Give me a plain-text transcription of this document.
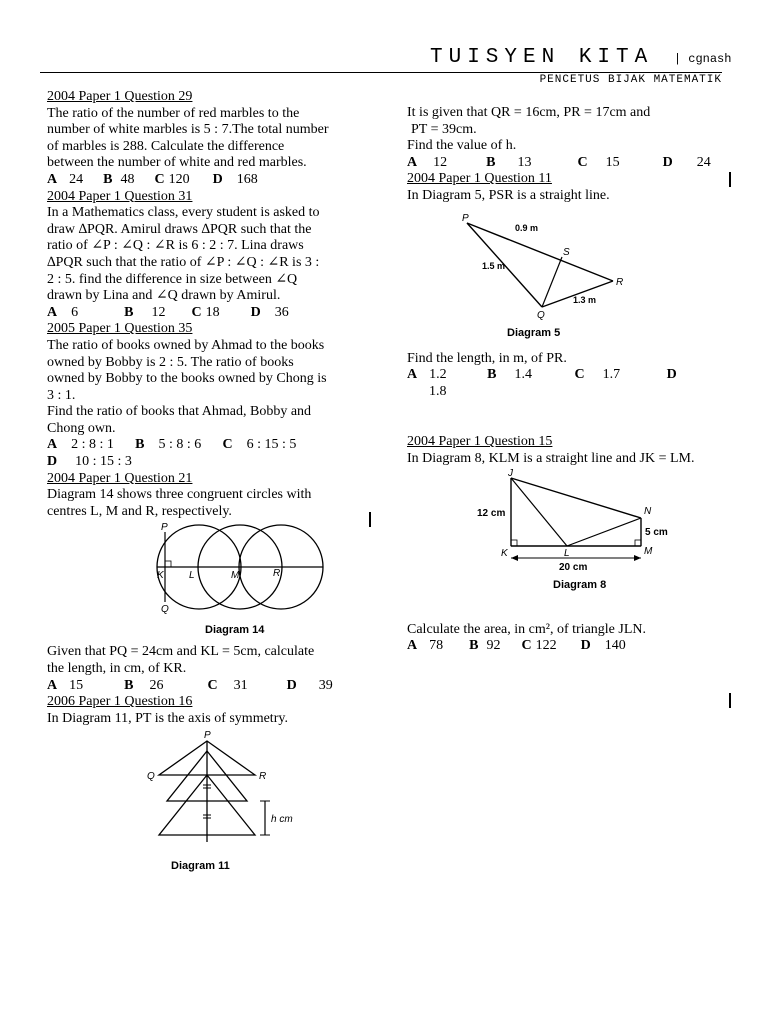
TUISYEN KITA | cgnash
PENCETUS BIJAK MATEMATIK

2004 Paper 1 Question 29

The ratio of the number of red marbles to the

number of white marbles is 5 : 7.The total number

of marbles is 288. Calculate the difference

between the number of white and red marbles.

A 24	B 48	C 120	D 168

2004 Paper 1 Question 31

In a Mathematics class, every student is asked to

draw ∆PQR. Amirul draws ∆PQR such that the

ratio of ∠P : ∠Q : ∠R is 6 : 2 : 7. Lina draws

∆PQR such that the ratio of ∠P : ∠Q : ∠R is 3 :

2 : 5. find the difference in size between ∠Q

drawn by Lina and ∠Q drawn by Amirul.

A 6	B 12	C 18	D 36

2005 Paper 1 Question 35

The ratio of books owned by Ahmad to the books

owned by Bobby is 2 : 5. The ratio of books

owned by Bobby to the books owned by Chong is

3 : 1.

Find the ratio of books that Ahmad, Bobby and

Chong own.

A 2 : 8 : 1	B 5 : 8 : 6	C 6 : 15 : 5
D 10 : 15 : 3

2004 Paper 1 Question 21

Diagram 14 shows three congruent circles with

centres L, M and R, respectively.

P
K	L	M	R
Q
Diagram 14

Given that PQ = 24cm and KL = 5cm, calculate

the length, in cm, of KR.

A 15	B 26	C 31	D 39

2006 Paper 1 Question 16

In Diagram 11, PT is the axis of symmetry.

P
Q	R
h cm
Diagram 11

It is given that QR = 16cm, PR = 17cm and

PT = 39cm.

Find the value of h.

A 12	B 13	C 15	D 24

2004 Paper 1 Question 11

In Diagram 5, PSR is a straight line.

P
0.9 m
S
1.5 m
R
1.3 m
Q
Diagram 5

Find the length, in m, of PR.

A 1.2	B 1.4	C 1.7	D

1.8

2004 Paper 1 Question 15

In Diagram 8, KLM is a straight line and JK = LM.

J
12 cm	N
5 cm
K	L	M
20 cm
Diagram 8

Calculate the area, in cm², of triangle JLN.

A 78	B 92	C 122	D 140
